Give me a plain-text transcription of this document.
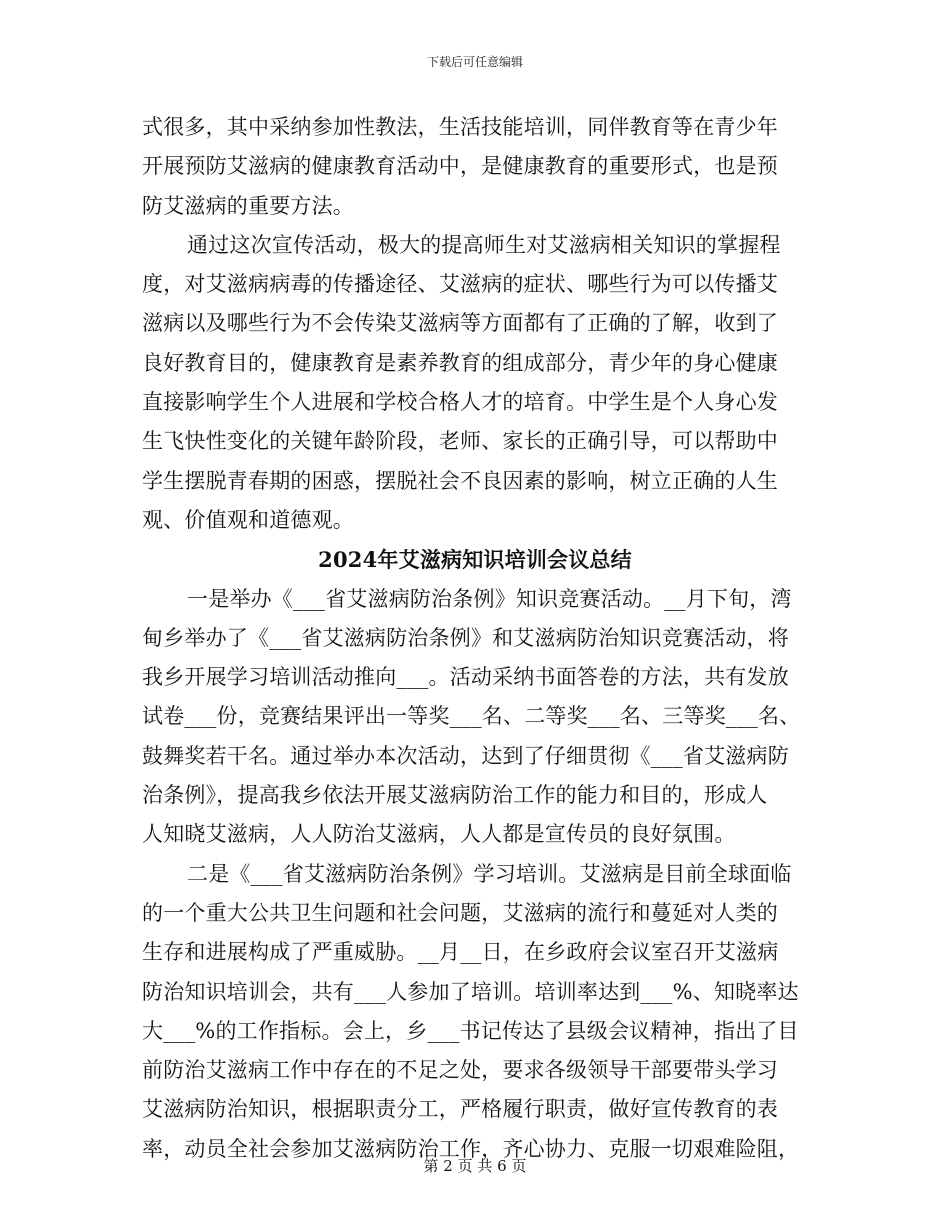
下载后可任意编辑
式很多，其中采纳参加性教法，生活技能培训，同伴教育等在青少年
开展预防艾滋病的健康教育活动中，是健康教育的重要形式，也是预
防艾滋病的重要方法。
通过这次宣传活动，极大的提高师生对艾滋病相关知识的掌握程
度，对艾滋病病毒的传播途径、艾滋病的症状、哪些行为可以传播艾
滋病以及哪些行为不会传染艾滋病等方面都有了正确的了解，收到了
良好教育目的，健康教育是素养教育的组成部分，青少年的身心健康
直接影响学生个人进展和学校合格人才的培育。中学生是个人身心发
生飞快性变化的关键年龄阶段，老师、家长的正确引导，可以帮助中
学生摆脱青春期的困惑，摆脱社会不良因素的影响，树立正确的人生
观、价值观和道德观。
2024年艾滋病知识培训会议总结
一是举办《___省艾滋病防治条例》知识竞赛活动。__月下旬，湾
甸乡举办了《___省艾滋病防治条例》和艾滋病防治知识竞赛活动，将
我乡开展学习培训活动推向___。活动采纳书面答卷的方法，共有发放
试卷___份，竞赛结果评出一等奖___名、二等奖___名、三等奖___名、
鼓舞奖若干名。通过举办本次活动，达到了仔细贯彻《___省艾滋病防
治条例》，提高我乡依法开展艾滋病防治工作的能力和目的，形成人
人知晓艾滋病，人人防治艾滋病，人人都是宣传员的良好氛围。
二是《___省艾滋病防治条例》学习培训。艾滋病是目前全球面临
的一个重大公共卫生问题和社会问题，艾滋病的流行和蔓延对人类的
生存和进展构成了严重威胁。__月__日，在乡政府会议室召开艾滋病
防治知识培训会，共有___人参加了培训。培训率达到___%、知晓率达
大___%的工作指标。会上，乡___书记传达了县级会议精神，指出了目
前防治艾滋病工作中存在的不足之处，要求各级领导干部要带头学习
艾滋病防治知识，根据职责分工，严格履行职责，做好宣传教育的表
率，动员全社会参加艾滋病防治工作，齐心协力、克服一切艰难险阻，
第 2 页 共 6 页
